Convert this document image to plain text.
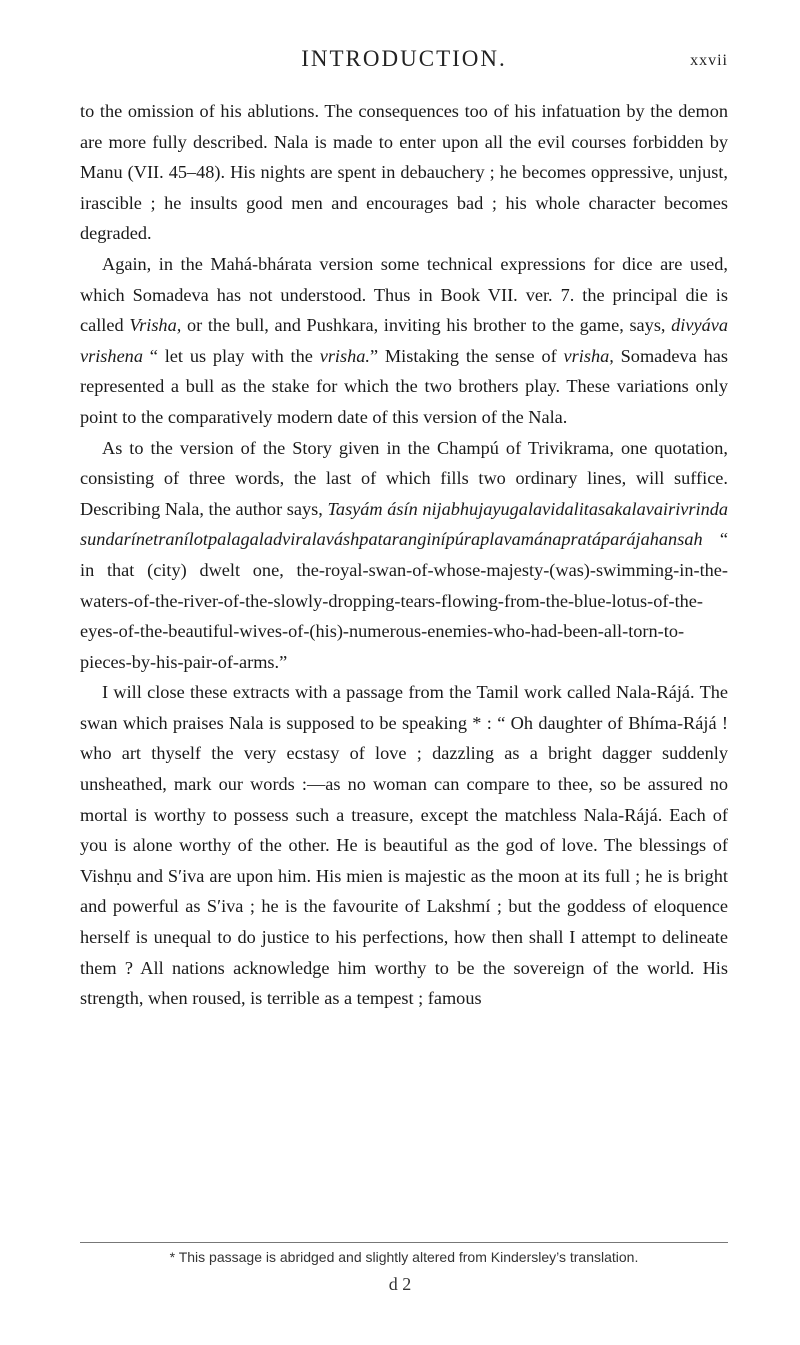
INTRODUCTION.	xxvii

to the omission of his ablutions. The consequences too of his infatuation by the demon are more fully described. Nala is made to enter upon all the evil courses forbidden by Manu (VII. 45–48). His nights are spent in debauchery ; he becomes oppressive, unjust, irascible ; he insults good men and encourages bad ; his whole character becomes degraded.

Again, in the Mahá-bhárata version some technical expressions for dice are used, which Somadeva has not understood. Thus in Book VII. ver. 7. the principal die is called Vrisha, or the bull, and Pushkara, inviting his brother to the game, says, divyáva vrishena “ let us play with the vrisha.” Mistaking the sense of vrisha, Somadeva has represented a bull as the stake for which the two brothers play. These variations only point to the comparatively modern date of this version of the Nala.

As to the version of the Story given in the Champú of Trivikrama, one quotation, consisting of three words, the last of which fills two ordinary lines, will suffice. Describing Nala, the author says, Tasyám ásín nijabhujayugalavidalitasakalavairivrindasundarínetranílotpalagaladviralaváshpataranginípúraplavamánapratáparájahansah “ in that (city) dwelt one, the-royal-swan-of-whose-majesty-(was)-swimming-in-the-waters-of-the-river-of-the-slowly-dropping-tears-flowing-from-the-blue-lotus-of-the-eyes-of-the-beautiful-wives-of-(his)-numerous-enemies-who-had-been-all-torn-to-pieces-by-his-pair-of-arms.”

I will close these extracts with a passage from the Tamil work called Nala-Rájá. The swan which praises Nala is supposed to be speaking * : “ Oh daughter of Bhíma-Rájá ! who art thyself the very ecstasy of love ; dazzling as a bright dagger suddenly unsheathed, mark our words :—as no woman can compare to thee, so be assured no mortal is worthy to possess such a treasure, except the matchless Nala-Rájá. Each of you is alone worthy of the other. He is beautiful as the god of love. The blessings of Vishṇu and S′iva are upon him. His mien is majestic as the moon at its full ; he is bright and powerful as S′iva ; he is the favourite of Lakshmí ; but the goddess of eloquence herself is unequal to do justice to his perfections, how then shall I attempt to delineate them ? All nations acknowledge him worthy to be the sovereign of the world. His strength, when roused, is terrible as a tempest ; famous

* This passage is abridged and slightly altered from Kindersley’s translation.
d 2
